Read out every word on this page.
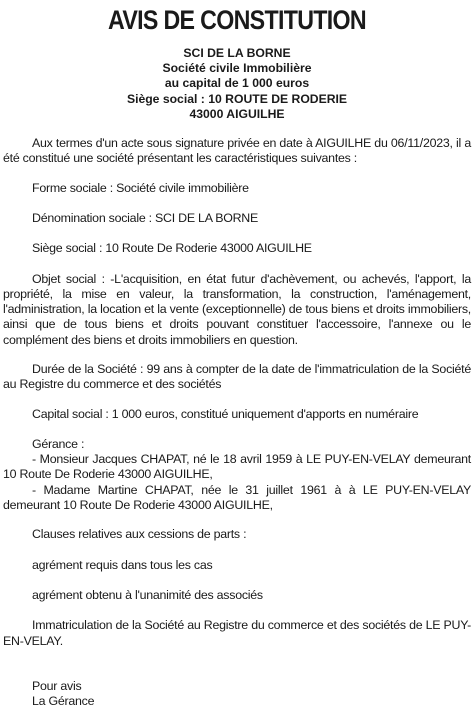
AVIS DE CONSTITUTION
SCI DE LA BORNE
Société civile Immobilière
au capital de 1 000 euros
Siège social : 10 ROUTE DE RODERIE
43000 AIGUILHE

Aux termes d'un acte sous signature privée en date à AIGUILHE du 06/11/2023, il a été constitué une société présentant les caractéristiques suivantes :

Forme sociale : Société civile immobilière

Dénomination sociale : SCI DE LA BORNE

Siège social : 10 Route De Roderie 43000 AIGUILHE

Objet social : -L'acquisition, en état futur d'achèvement, ou achevés, l'apport, la propriété, la mise en valeur, la transformation, la construction, l'aménagement, l'administration, la location et la vente (exceptionnelle) de tous biens et droits immobiliers, ainsi que de tous biens et droits pouvant constituer l'accessoire, l'annexe ou le complément des biens et droits immobiliers en question.

Durée de la Société : 99 ans à compter de la date de l'immatriculation de la Société au Registre du commerce et des sociétés

Capital social : 1 000 euros, constitué uniquement d'apports en numéraire

Gérance :
- Monsieur Jacques CHAPAT, né le 18 avril 1959 à LE PUY-EN-VELAY demeurant 10 Route De Roderie 43000 AIGUILHE,
- Madame Martine CHAPAT, née le 31 juillet 1961 à à LE PUY-EN-VELAY demeurant 10 Route De Roderie 43000 AIGUILHE,

Clauses relatives aux cessions de parts :

agrément requis dans tous les cas

agrément obtenu à l'unanimité des associés

Immatriculation de la Société au Registre du commerce et des sociétés de LE PUY-EN-VELAY.

Pour avis
La Gérance
